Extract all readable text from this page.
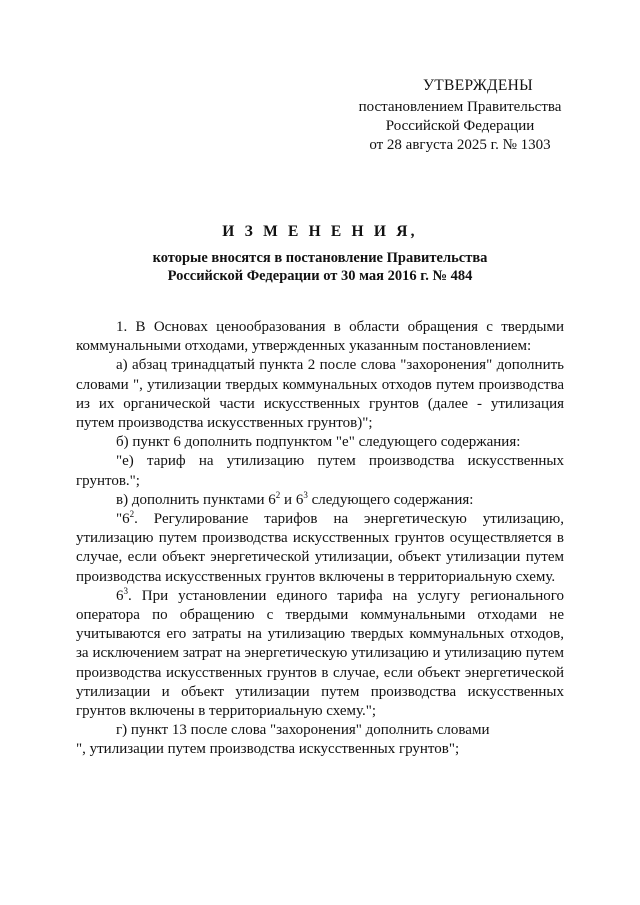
УТВЕРЖДЕНЫ
постановлением Правительства
Российской Федерации
от 28 августа 2025 г. № 1303
И З М Е Н Е Н И Я,
которые вносятся в постановление Правительства
Российской Федерации от 30 мая 2016 г. № 484

1. В Основах ценообразования в области обращения с твердыми коммунальными отходами, утвержденных указанным постановлением:

а) абзац тринадцатый пункта 2 после слова "захоронения" дополнить словами ", утилизации твердых коммунальных отходов путем производства из их органической части искусственных грунтов (далее - утилизация путем производства искусственных грунтов)";

б) пункт 6 дополнить подпунктом "е" следующего содержания:

"е) тариф на утилизацию путем производства искусственных грунтов.";

в) дополнить пунктами $6^2$ и $6^3$ следующего содержания:

"$6^2$. Регулирование тарифов на энергетическую утилизацию, утилизацию путем производства искусственных грунтов осуществляется в случае, если объект энергетической утилизации, объект утилизации путем производства искусственных грунтов включены в территориальную схему.

$6^3$. При установлении единого тарифа на услугу регионального оператора по обращению с твердыми коммунальными отходами не учитываются его затраты на утилизацию твердых коммунальных отходов, за исключением затрат на энергетическую утилизацию и утилизацию путем производства искусственных грунтов в случае, если объект энергетической утилизации и объект утилизации путем производства искусственных грунтов включены в территориальную схему.";

г) пункт 13 после слова "захоронения" дополнить словами

", утилизации путем производства искусственных грунтов";
